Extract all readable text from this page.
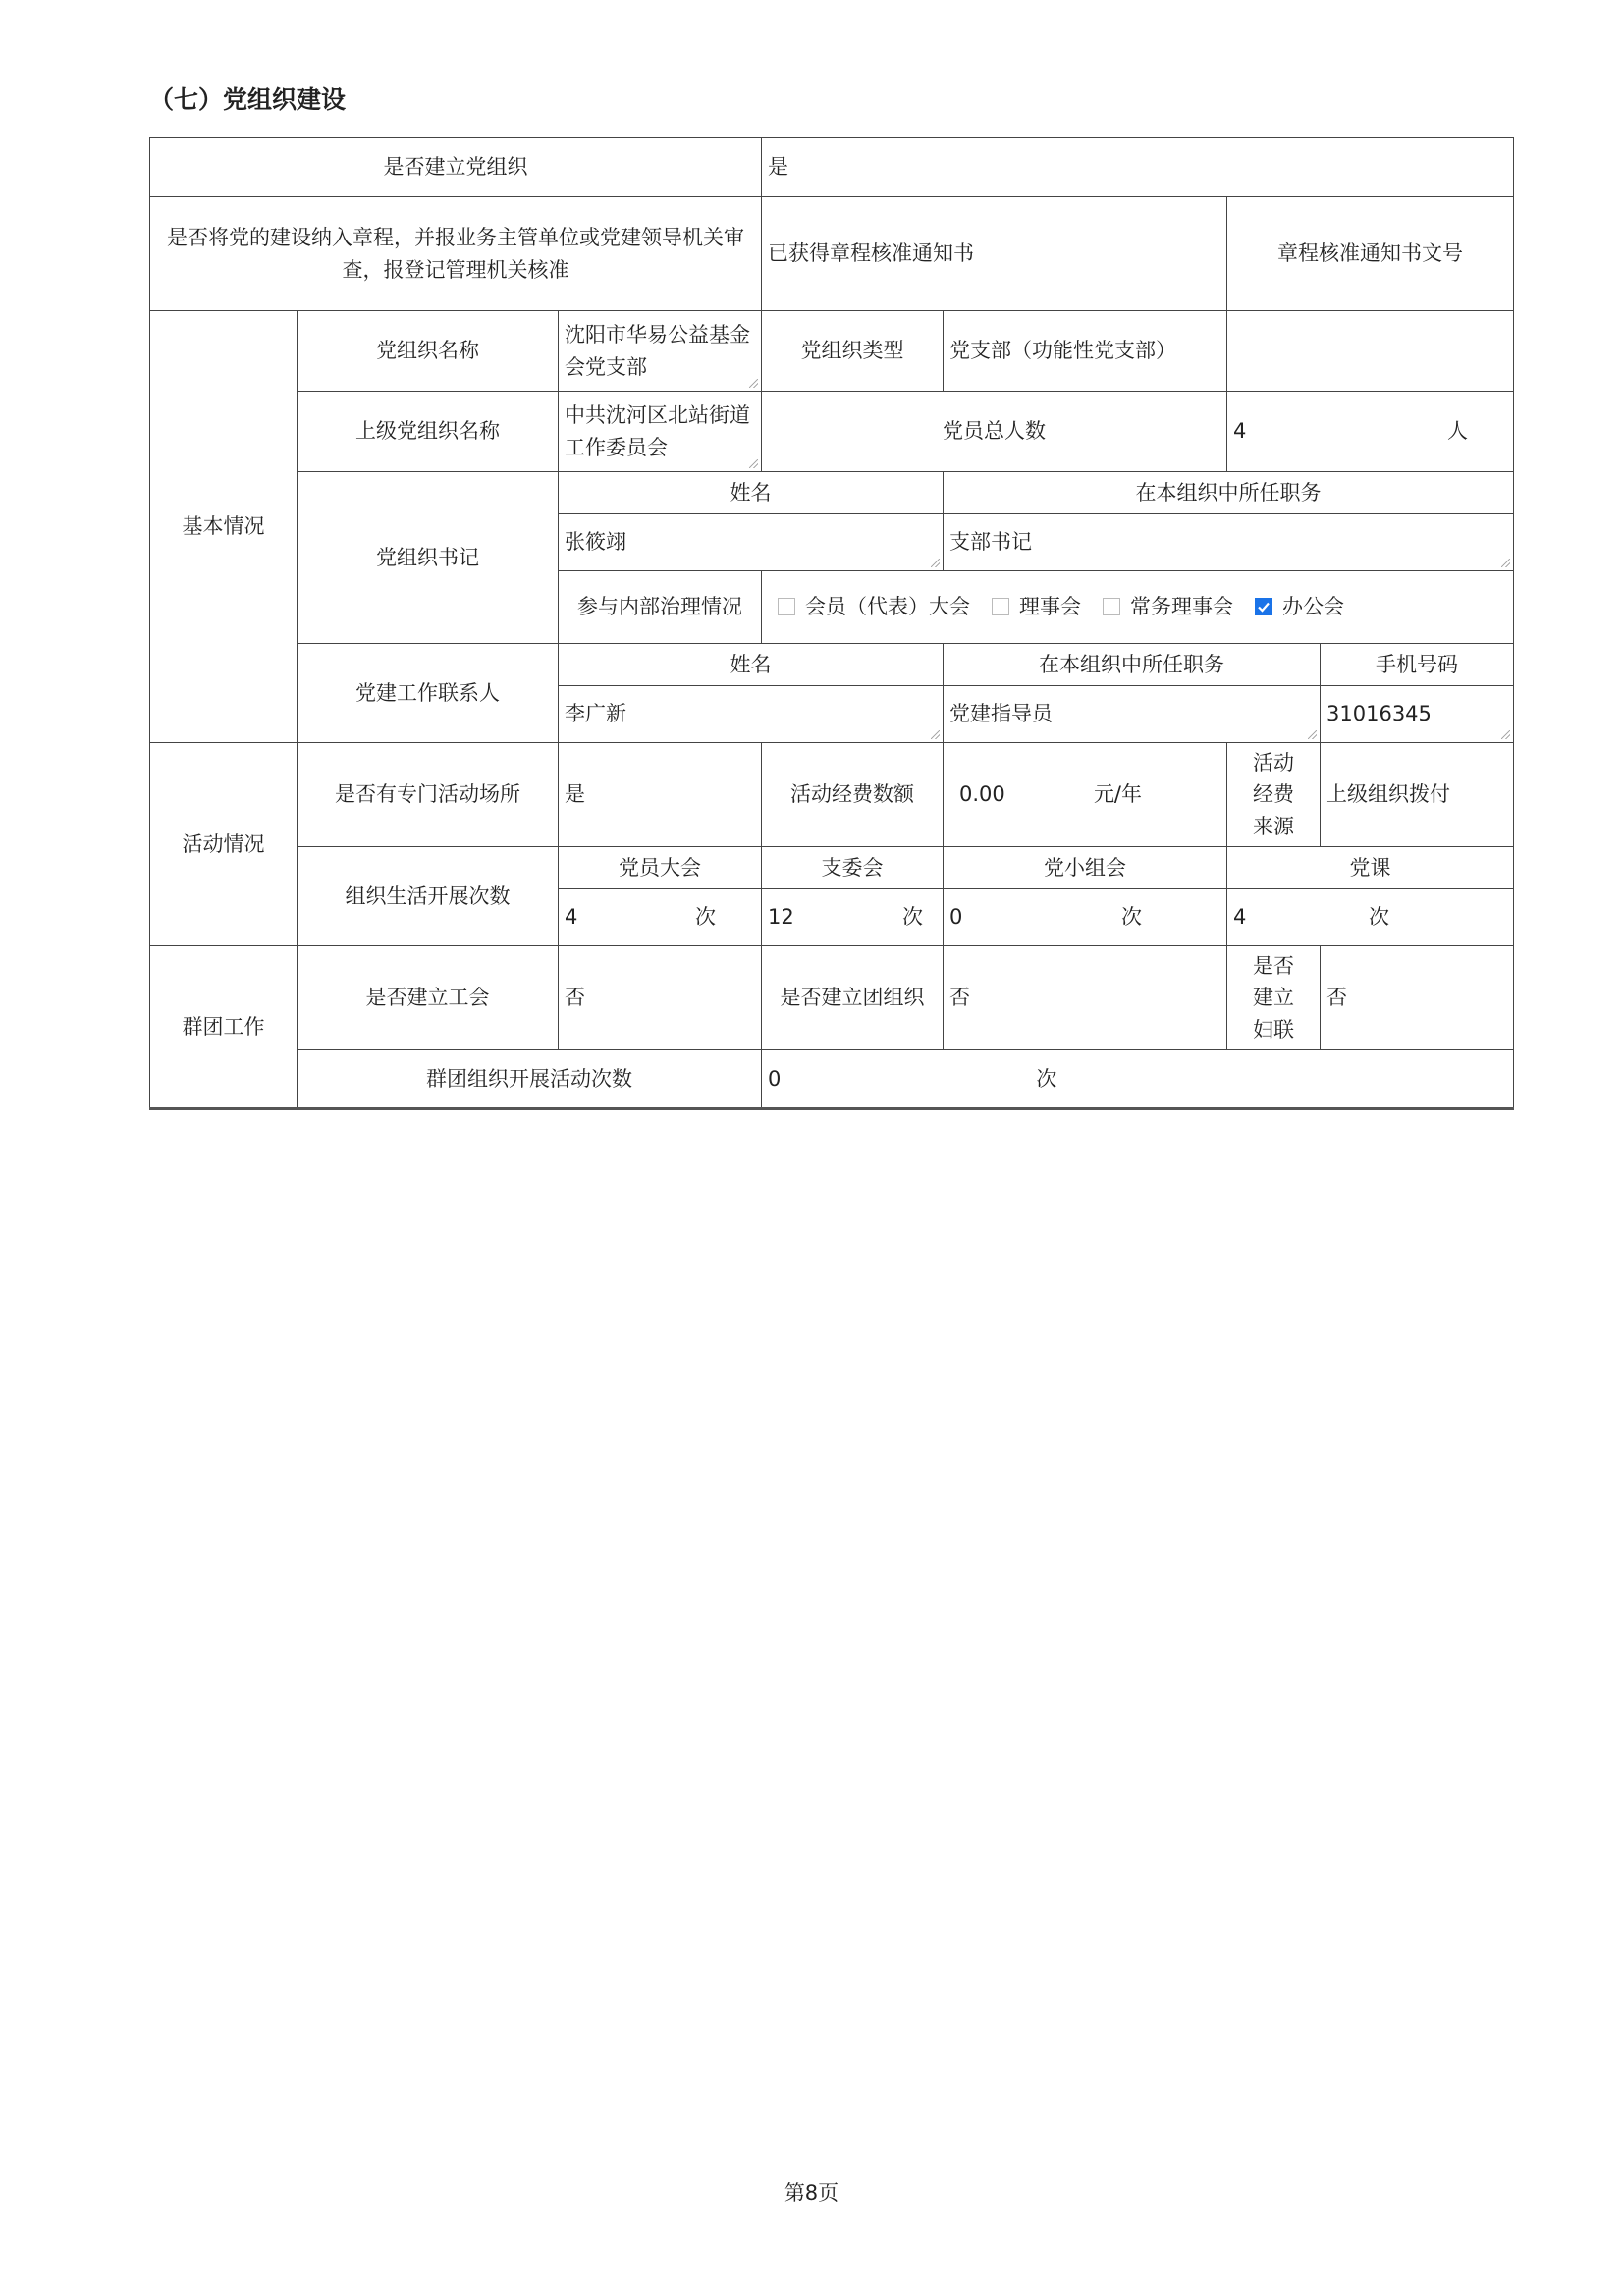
（七）党组织建设
是否建立党组织			是				
是否将党的建设纳入章程，并报业务主管单位或党建领导机关审查，报登记管理机关核准			已获得章程核准通知书		章程核准通知书文号	
基本情况	党组织名称	沈阳市华易公益基金会党支部	党组织类型	党支部（功能性党支部）			
	上级党组织名称	中共沈河区北站街道工作委员会	党员总人数		4 人		

	党组织书记	姓名		在本组织中所任职务			
		张筱翊		支部书记			
		参与内部治理情况	会员（代表）大会 理事会 常务理事会 办公会				

	党建工作联系人	姓名		在本组织中所任职务		手机号码	
		李广新		党建指导员		31016345	
活动情况	是否有专门活动场所	是	活动经费数额	0.00 元/年	活动经费来源	上级组织拨付	
	组织生活开展次数	党员大会	支委会	党小组会	党课		

		4 次	12 次	0 次	4 次		

群团工作	是否建立工会	否	是否建立团组织	否	是否建立妇联	否	
	群团组织开展活动次数		0 次				
第8页
